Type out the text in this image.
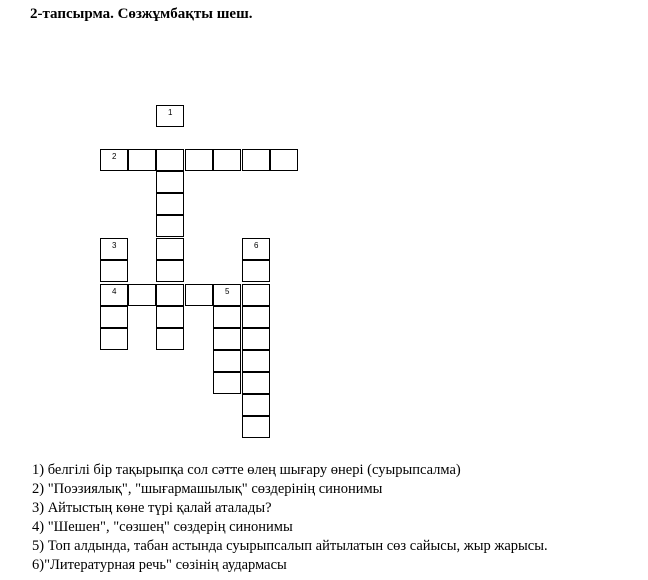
2-тапсырма. Сөзжұмбақты шеш.
1
2
3	6
4	5
1) белгілі бір тақырыпқа сол сәтте өлең шығару өнері (суырыпсалма)
2) "Поэзиялық", "шығармашылық" сөздерінің синонимы
3) Айтыстың көне түрі қалай аталады?
4) "Шешен", "сөзшең" сөздерің синонимы
5) Топ алдында, табан астында суырыпсалып айтылатын сөз сайысы, жыр жарысы.
6)"Литературная речь" сөзінің аудармасы
